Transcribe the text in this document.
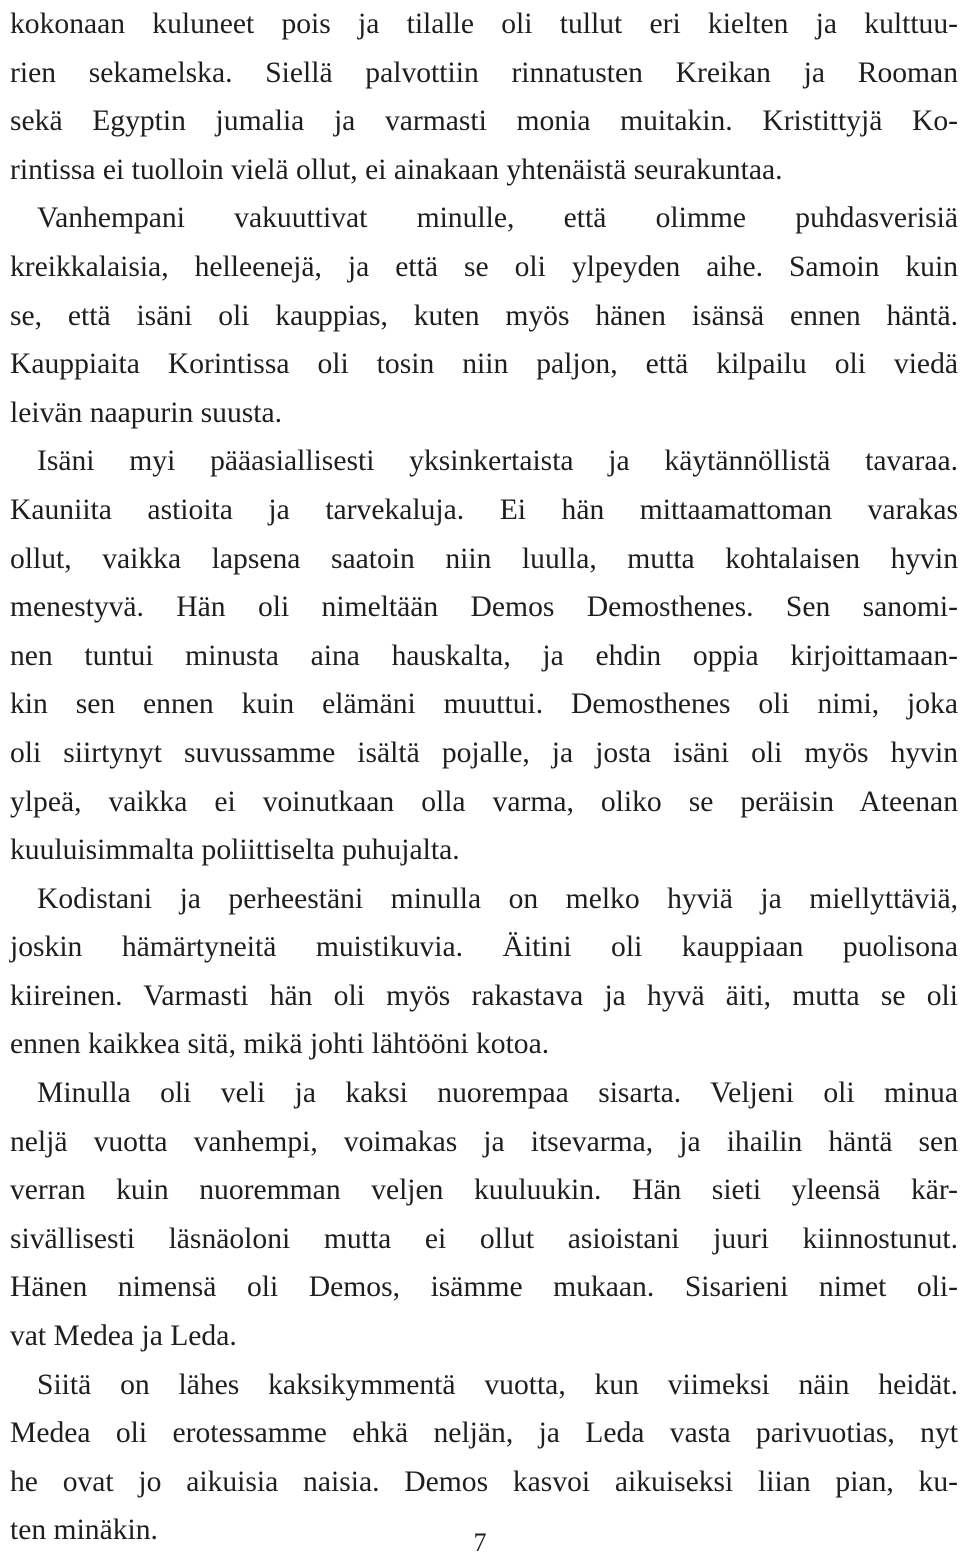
kokonaan kuluneet pois ja tilalle oli tullut eri kielten ja kulttuu-
rien sekamelska. Siellä palvottiin rinnatusten Kreikan ja Rooman
sekä Egyptin jumalia ja varmasti monia muitakin. Kristittyjä Ko-
rintissa ei tuolloin vielä ollut, ei ainakaan yhtenäistä seurakuntaa.
Vanhempani vakuuttivat minulle, että olimme puhdasverisiä
kreikkalaisia, helleenejä, ja että se oli ylpeyden aihe. Samoin kuin
se, että isäni oli kauppias, kuten myös hänen isänsä ennen häntä.
Kauppiaita Korintissa oli tosin niin paljon, että kilpailu oli viedä
leivän naapurin suusta.
Isäni myi pääasiallisesti yksinkertaista ja käytännöllistä tavaraa.
Kauniita astioita ja tarvekaluja. Ei hän mittaamattoman varakas
ollut, vaikka lapsena saatoin niin luulla, mutta kohtalaisen hyvin
menestyvä. Hän oli nimeltään Demos Demosthenes. Sen sanomi-
nen tuntui minusta aina hauskalta, ja ehdin oppia kirjoittamaan-
kin sen ennen kuin elämäni muuttui. Demosthenes oli nimi, joka
oli siirtynyt suvussamme isältä pojalle, ja josta isäni oli myös hyvin
ylpeä, vaikka ei voinutkaan olla varma, oliko se peräisin Ateenan
kuuluisimmalta poliittiselta puhujalta.
Kodistani ja perheestäni minulla on melko hyviä ja miellyttäviä,
joskin hämärtyneitä muistikuvia. Äitini oli kauppiaan puolisona
kiireinen. Varmasti hän oli myös rakastava ja hyvä äiti, mutta se oli
ennen kaikkea sitä, mikä johti lähtööni kotoa.
Minulla oli veli ja kaksi nuorempaa sisarta. Veljeni oli minua
neljä vuotta vanhempi, voimakas ja itsevarma, ja ihailin häntä sen
verran kuin nuoremman veljen kuuluukin. Hän sieti yleensä kär-
sivällisesti läsnäoloni mutta ei ollut asioistani juuri kiinnostunut.
Hänen nimensä oli Demos, isämme mukaan. Sisarieni nimet oli-
vat Medea ja Leda.
Siitä on lähes kaksikymmentä vuotta, kun viimeksi näin heidät.
Medea oli erotessamme ehkä neljän, ja Leda vasta parivuotias, nyt
he ovat jo aikuisia naisia. Demos kasvoi aikuiseksi liian pian, ku-
ten minäkin.	7
